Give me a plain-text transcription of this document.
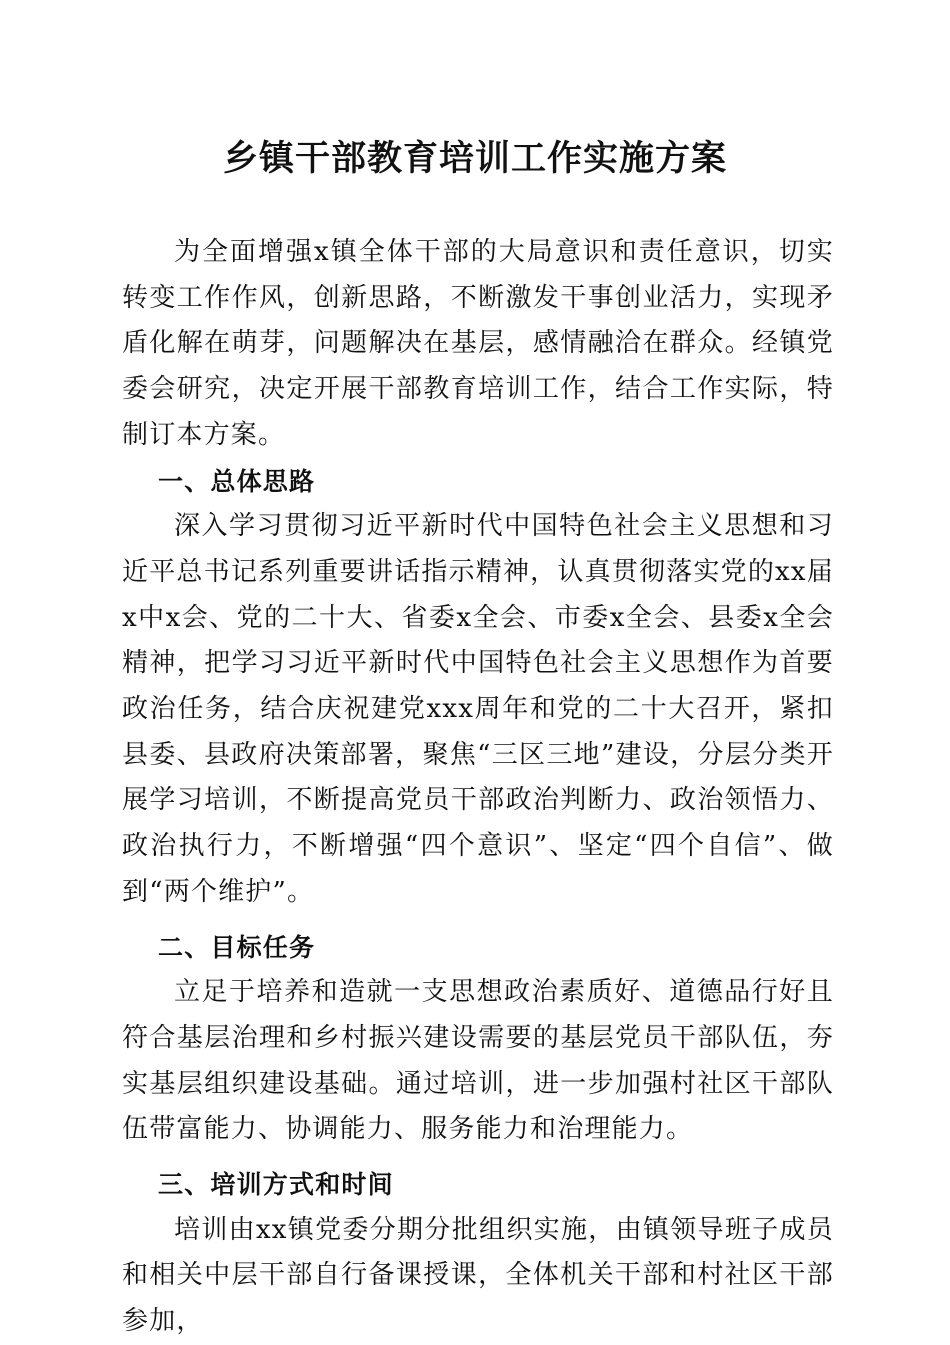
乡镇干部教育培训工作实施方案

为全面增强x镇全体干部的大局意识和责任意识，切实转变工作作风，创新思路，不断激发干事创业活力，实现矛盾化解在萌芽，问题解决在基层，感情融洽在群众。经镇党委会研究，决定开展干部教育培训工作，结合工作实际，特制订本方案。

一、总体思路

深入学习贯彻习近平新时代中国特色社会主义思想和习近平总书记系列重要讲话指示精神，认真贯彻落实党的xx届x中x会、党的二十大、省委x全会、市委x全会、县委x全会精神，把学习习近平新时代中国特色社会主义思想作为首要政治任务，结合庆祝建党xxx周年和党的二十大召开，紧扣县委、县政府决策部署，聚焦“三区三地”建设，分层分类开展学习培训，不断提高党员干部政治判断力、政治领悟力、政治执行力，不断增强“四个意识”、坚定“四个自信”、做到“两个维护”。

二、目标任务

立足于培养和造就一支思想政治素质好、道德品行好且符合基层治理和乡村振兴建设需要的基层党员干部队伍，夯实基层组织建设基础。通过培训，进一步加强村社区干部队伍带富能力、协调能力、服务能力和治理能力。

三、培训方式和时间

培训由xx镇党委分期分批组织实施，由镇领导班子成员和相关中层干部自行备课授课，全体机关干部和村社区干部参加，
